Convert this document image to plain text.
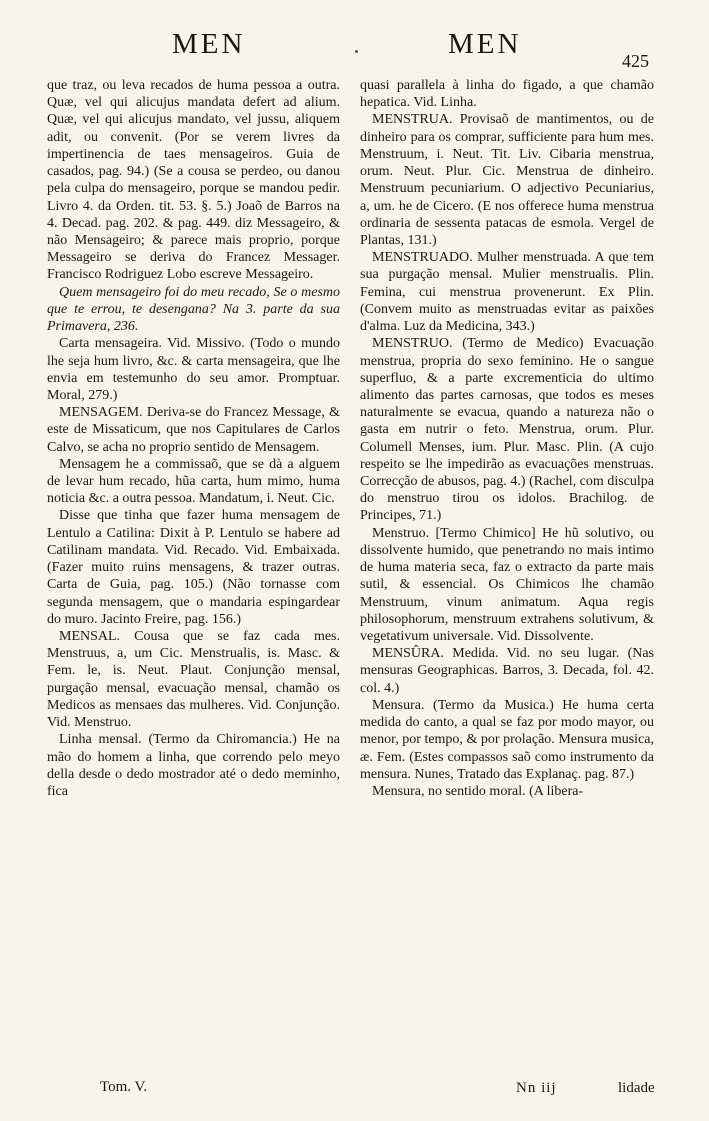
MEN	MEN
425

que traz, ou leva recados de huma pessoa a outra. Quæ, vel qui alicujus mandata defert ad alium. Quæ, vel qui alicujus mandato, vel jussu, aliquem adit, ou convenit. (Por se verem livres da impertinencia de taes mensageiros. Guia de casados, pag. 94.) (Se a cousa se perdeo, ou danou pela culpa do mensageiro, porque se mandou pedir. Livro 4. da Orden. tit. 53. §. 5.) Joaõ de Barros na 4. Decad. pag. 202. & pag. 449. diz Messageiro, & não Mensageiro; & parece mais proprio, porque Messageiro se deriva do Francez Messager. Francisco Rodriguez Lobo escreve Messageiro.

Quem mensageiro foi do meu recado, Se o mesmo que te errou, te desengana? Na 3. parte da sua Primavera, 236.

Carta mensageira. Vid. Missivo. (Todo o mundo lhe seja hum livro, &c. & carta mensageira, que lhe envia em testemunho do seu amor. Promptuar. Moral, 279.)

MENSAGEM. Deriva-se do Francez Message, & este de Missaticum, que nos Capitulares de Carlos Calvo, se acha no proprio sentido de Mensagem.

Mensagem he a commissaõ, que se dà a alguem de levar hum recado, hũa carta, hum mimo, huma noticia &c. a outra pessoa. Mandatum, i. Neut. Cic.

Disse que tinha que fazer huma mensagem de Lentulo a Catilina: Dixit à P. Lentulo se habere ad Catilinam mandata. Vid. Recado. Vid. Embaixada. (Fazer muito ruins mensagens, & trazer outras. Carta de Guia, pag. 105.) (Não tornasse com segunda mensagem, que o mandaria espingardear do muro. Jacinto Freire, pag. 156.)

MENSAL. Cousa que se faz cada mes. Menstruus, a, um Cic. Menstrualis, is. Masc. & Fem. le, is. Neut. Plaut. Conjunção mensal, purgação mensal, evacuação mensal, chamão os Medicos as mensaes das mulheres. Vid. Conjunção. Vid. Menstruo.

Linha mensal. (Termo da Chiromancia.) He na mão do homem a linha, que correndo pelo meyo della desde o dedo mostrador até o dedo meminho, fica

quasi parallela à linha do figado, a que chamão hepatica. Vid. Linha.

MENSTRUA. Provisaõ de mantimentos, ou de dinheiro para os comprar, sufficiente para hum mes. Menstruum, i. Neut. Tit. Liv. Cibaria menstrua, orum. Neut. Plur. Cic. Menstrua de dinheiro. Menstruum pecuniarium. O adjectivo Pecuniarius, a, um. he de Cicero. (E nos offerece huma menstrua ordinaria de sessenta patacas de esmola. Vergel de Plantas, 131.)

MENSTRUADO. Mulher menstruada. A que tem sua purgação mensal. Mulier menstrualis. Plin. Femina, cui menstrua provenerunt. Ex Plin. (Convem muito as menstruadas evitar as paixões d'alma. Luz da Medicina, 343.)

MENSTRUO. (Termo de Medico) Evacuação menstrua, propria do sexo feminino. He o sangue superfluo, & a parte excrementicia do ultimo alimento das partes carnosas, que todos es meses naturalmente se evacua, quando a natureza não o gasta em nutrir o feto. Menstrua, orum. Plur. Columell Menses, ium. Plur. Masc. Plin. (A cujo respeito se lhe impedirão as evacuações menstruas. Correcção de abusos, pag. 4.) (Rachel, com disculpa do menstruo tirou os idolos. Brachilog. de Principes, 71.)

Menstruo. [Termo Chimico] He hũ solutivo, ou dissolvente humido, que penetrando no mais intimo de huma materia seca, faz o extracto da parte mais sutil, & essencial. Os Chimicos lhe chamão Menstruum, vinum animatum. Aqua regis philosophorum, menstruum extrahens solutivum, & vegetativum universale. Vid. Dissolvente.

MENSÛRA. Medida. Vid. no seu lugar. (Nas mensuras Geographicas. Barros, 3. Decada, fol. 42. col. 4.)

Mensura. (Termo da Musica.) He huma certa medida do canto, a qual se faz por modo mayor, ou menor, por tempo, & por prolação. Mensura musica, æ. Fem. (Estes compassos saõ como instrumento da mensura. Nunes, Tratado das Explanaç. pag. 87.)

Mensura, no sentido moral. (A libera-

Tom. V.	Nn iij	lidade
